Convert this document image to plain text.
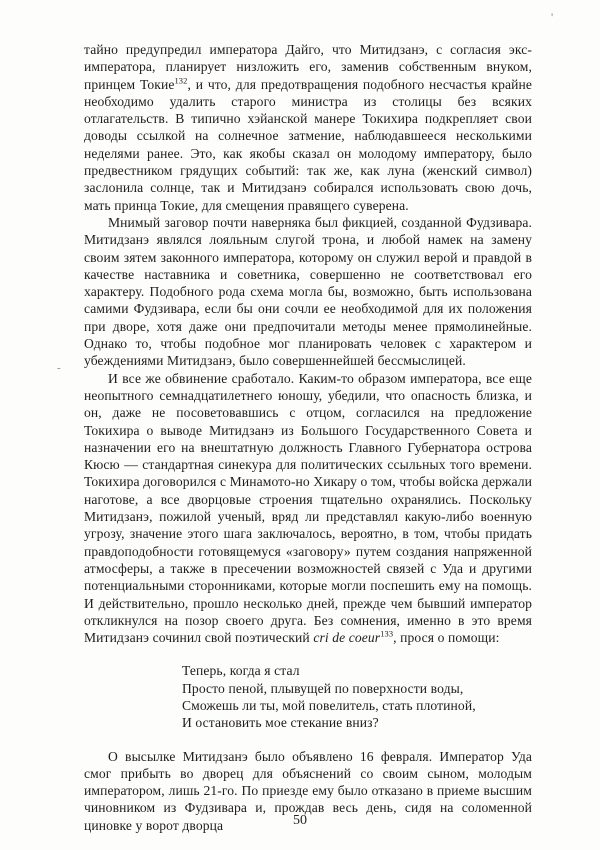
'
-

тайно предупредил императора Дайго, что Митидзанэ, с согласия экс-императора, планирует низложить его, заменив собственным внуком, принцем Токие$^{132}$, и что, для предотвращения подобного несчастья крайне необходимо удалить старого министра из столицы без всяких отлагательств. В типично хэйанской манере Токихира подкрепляет свои доводы ссылкой на солнечное затмение, наблюдавшееся несколькими неделями ранее. Это, как якобы сказал он молодому императору, было предвестником грядущих событий: так же, как луна (женский символ) заслонила солнце, так и Митидзанэ собирался использовать свою дочь, мать принца Токие, для смещения правящего суверена.

Мнимый заговор почти наверняка был фикцией, созданной Фудзивара. Митидзанэ являлся лояльным слугой трона, и любой намек на замену своим зятем законного императора, которому он служил верой и правдой в качестве наставника и советника, совершенно не соответствовал его характеру. Подобного рода схема могла бы, возможно, быть использована самими Фудзивара, если бы они сочли ее необходимой для их положения при дворе, хотя даже они предпочитали методы менее прямолинейные. Однако то, чтобы подобное мог планировать человек с характером и убеждениями Митидзанэ, было совершеннейшей бессмыслицей.

И все же обвинение сработало. Каким-то образом императора, все еще неопытного семнадцатилетнего юношу, убедили, что опасность близка, и он, даже не посоветовавшись с отцом, согласился на предложение Токихира о выводе Митидзанэ из Большого Государственного Совета и назначении его на внештатную должность Главного Губернатора острова Кюсю — стандартная синекура для политических ссыльных того времени. Токихира договорился с Минамото-но Хикару о том, чтобы войска держали наготове, а все дворцовые строения тщательно охранялись. Поскольку Митидзанэ, пожилой ученый, вряд ли представлял какую-либо военную угрозу, значение этого шага заключалось, вероятно, в том, чтобы придать правдоподобности готовящемуся «заговору» путем создания напряженной атмосферы, а также в пресечении возможностей связей с Уда и другими потенциальными сторонниками, которые могли поспешить ему на помощь. И действительно, прошло несколько дней, прежде чем бывший император откликнулся на позор своего друга. Без сомнения, именно в это время Митидзанэ сочинил свой поэтический cri de coeur$^{133}$, прося о помощи:

Теперь, когда я стал
Просто пеной, плывущей по поверхности воды,
Сможешь ли ты, мой повелитель, стать плотиной,
И остановить мое стекание вниз?

О высылке Митидзанэ было объявлено 16 февраля. Император Уда смог прибыть во дворец для объяснений со своим сыном, молодым императором, лишь 21-го. По приезде ему было отказано в приеме высшим чиновником из Фудзивара и, прождав весь день, сидя на соломенной циновке у ворот дворца	50
